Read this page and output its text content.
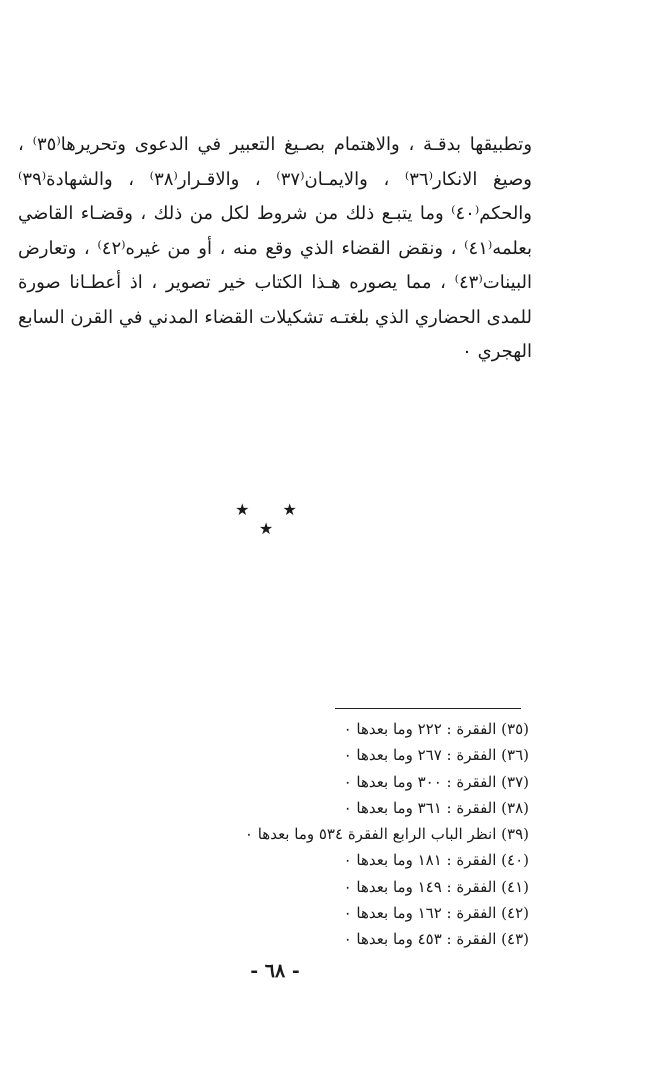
وتطبيقها بدقـة ، والاهتمام بصـيغ التعبير في الدعوى وتحريرها⁽٣٥⁾ ، وصيغ الانكار⁽٣٦⁾ ، والايمـان⁽٣٧⁾ ، والاقـرار⁽٣٨⁾ ، والشهادة⁽٣٩⁾ والحكم⁽٤٠⁾ وما يتبـع ذلك من شروط لكل من ذلك ، وقضـاء القاضي بعلمه⁽٤١⁾ ، ونقض القضاء الذي وقع منه ، أو من غيره⁽٤٢⁾ ، وتعارض البينات⁽٤٣⁾ ، مما يصوره هـذا الكتاب خير تصوير ، اذ أعطـانا صورة للمدى الحضاري الذي بلغتـه تشكيلات القضاء المدني في القرن السابع الهجري ٠

★ ★ ★
(٣٥) الفقرة : ٢٢٢ وما بعدها ٠
(٣٦) الفقرة : ٢٦٧ وما بعدها ٠
(٣٧) الفقرة : ٣٠٠ وما بعدها ٠
(٣٨) الفقرة : ٣٦١ وما بعدها ٠
(٣٩) انظر الباب الرابع الفقرة ٥٣٤ وما بعدها ٠
(٤٠) الفقرة : ١٨١ وما بعدها ٠
(٤١) الفقرة : ١٤٩ وما بعدها ٠
(٤٢) الفقرة : ١٦٢ وما بعدها ٠
(٤٣) الفقرة : ٤٥٣ وما بعدها ٠
- ٦٨ -
